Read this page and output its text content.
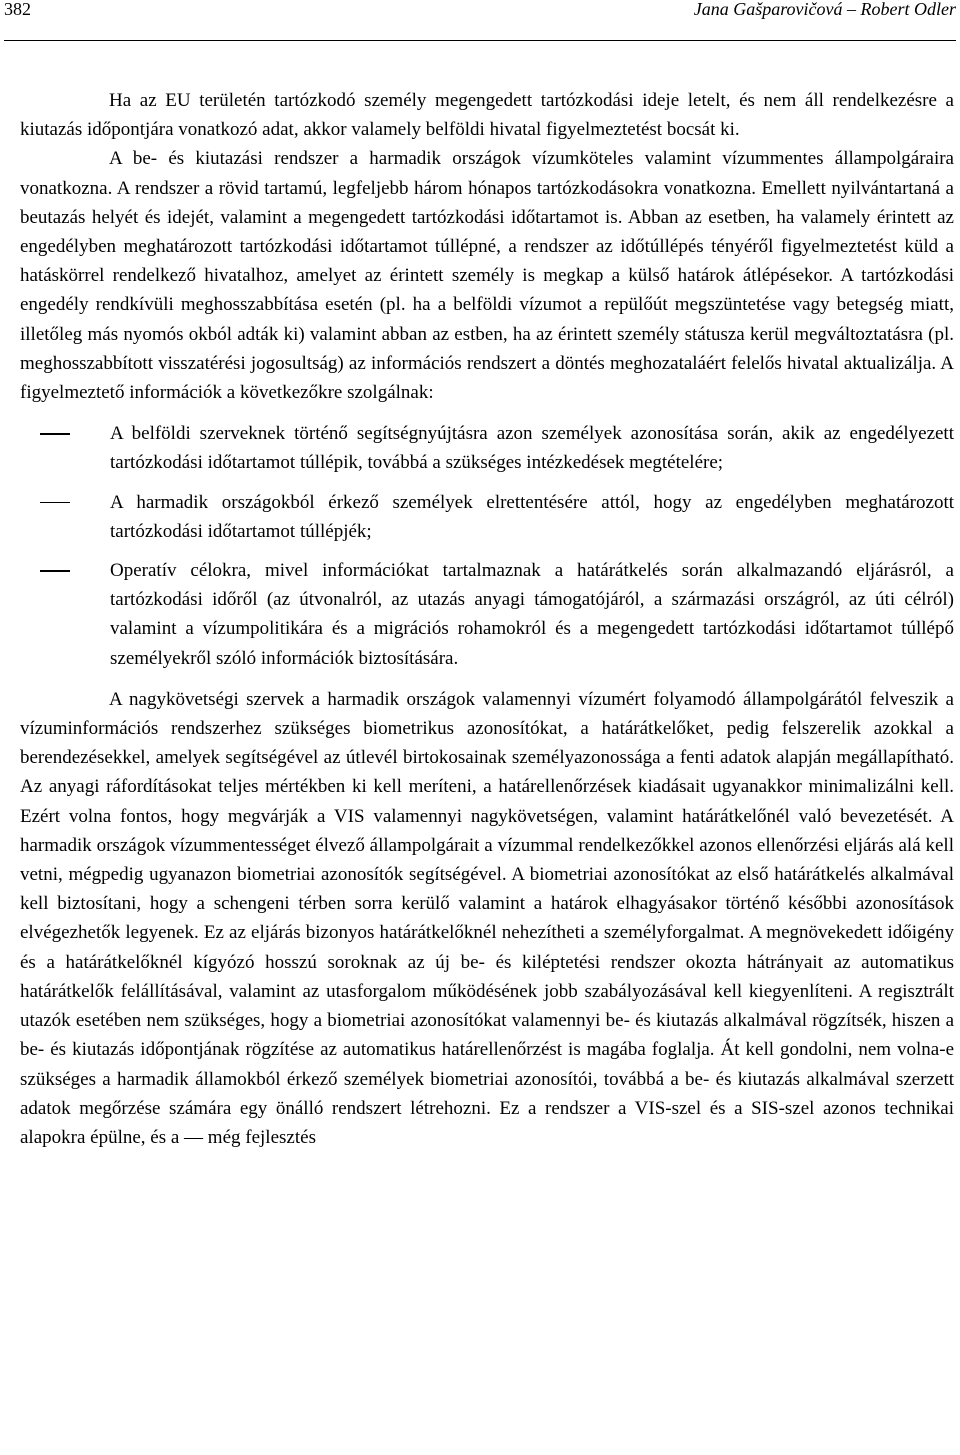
382	Jana Gašparovičová – Robert Odler

Ha az EU területén tartózkodó személy megengedett tartózkodási ideje letelt, és nem áll rendelkezésre a kiutazás időpontjára vonatkozó adat, akkor valamely belföldi hivatal figyelmeztetést bocsát ki.

A be- és kiutazási rendszer a harmadik országok vízumköteles valamint vízummentes állampolgáraira vonatkozna. A rendszer a rövid tartamú, legfeljebb három hónapos tartózkodásokra vonatkozna. Emellett nyilvántartaná a beutazás helyét és idejét, valamint a megengedett tartózkodási időtartamot is. Abban az esetben, ha valamely érintett az engedélyben meghatározott tartózkodási időtartamot túllépné, a rendszer az időtúllépés tényéről figyelmeztetést küld a hatáskörrel rendelkező hivatalhoz, amelyet az érintett személy is megkap a külső határok átlépésekor. A tartózkodási engedély rendkívüli meghosszabbítása esetén (pl. ha a belföldi vízumot a repülőút megszüntetése vagy betegség miatt, illetőleg más nyomós okból adták ki) valamint abban az estben, ha az érintett személy státusza kerül megváltoztatásra (pl. meghosszabbított visszatérési jogosultság) az információs rendszert a döntés meghozataláért felelős hivatal aktualizálja. A figyelmeztető információk a következőkre szolgálnak:

A belföldi szerveknek történő segítségnyújtásra azon személyek azonosítása során, akik az engedélyezett tartózkodási időtartamot túllépik, továbbá a szükséges intézkedések megtételére;
A harmadik országokból érkező személyek elrettentésére attól, hogy az engedélyben meghatározott tartózkodási időtartamot túllépjék;
Operatív célokra, mivel információkat tartalmaznak a határátkelés során alkalmazandó eljárásról, a tartózkodási időről (az útvonalról, az utazás anyagi támogatójáról, a származási országról, az úti célról) valamint a vízumpolitikára és a migrációs rohamokról és a megengedett tartózkodási időtartamot túllépő személyekről szóló információk biztosítására.

A nagykövetségi szervek a harmadik országok valamennyi vízumért folyamodó állampolgárától felveszik a vízuminformációs rendszerhez szükséges biometrikus azonosítókat, a határátkelőket, pedig felszerelik azokkal a berendezésekkel, amelyek segítségével az útlevél birtokosainak személyazonossága a fenti adatok alapján megállapítható. Az anyagi ráfordításokat teljes mértékben ki kell meríteni, a határellenőrzések kiadásait ugyanakkor minimalizálni kell. Ezért volna fontos, hogy megvárják a VIS valamennyi nagykövetségen, valamint határátkelőnél való bevezetését. A harmadik országok vízummentességet élvező állampolgárait a vízummal rendelkezőkkel azonos ellenőrzési eljárás alá kell vetni, mégpedig ugyanazon biometriai azonosítók segítségével. A biometriai azonosítókat az első határátkelés alkalmával kell biztosítani, hogy a schengeni térben sorra kerülő valamint a határok elhagyásakor történő későbbi azonosítások elvégezhetők legyenek. Ez az eljárás bizonyos határátkelőknél nehezítheti a személyforgalmat. A megnövekedett időigény és a határátkelőknél kígyózó hosszú soroknak az új be- és kiléptetési rendszer okozta hátrányait az automatikus határátkelők felállításával, valamint az utasforgalom működésének jobb szabályozásával kell kiegyenlíteni. A regisztrált utazók esetében nem szükséges, hogy a biometriai azonosítókat valamennyi be- és kiutazás alkalmával rögzítsék, hiszen a be- és kiutazás időpontjának rögzítése az automatikus határellenőrzést is magába foglalja. Át kell gondolni, nem volna-e szükséges a harmadik államokból érkező személyek biometriai azonosítói, továbbá a be- és kiutazás alkalmával szerzett adatok megőrzése számára egy önálló rendszert létrehozni. Ez a rendszer a VIS-szel és a SIS-szel azonos technikai alapokra épülne, és a — még fejlesztés
